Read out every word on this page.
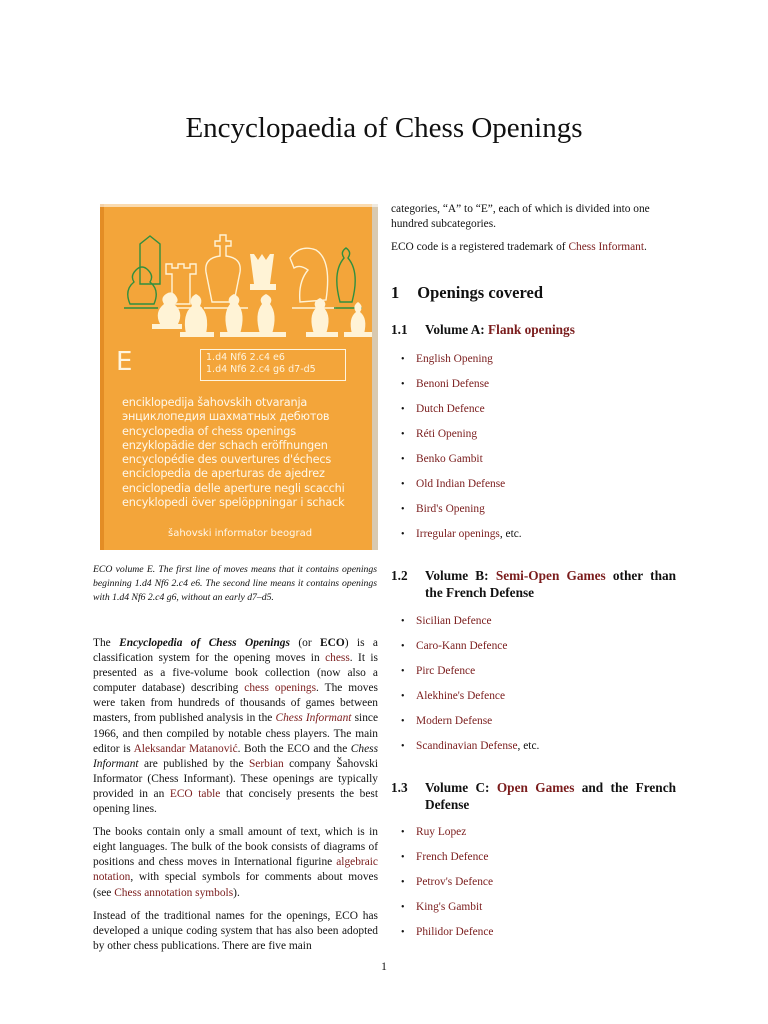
Encyclopaedia of Chess Openings
E	1.d4 Nf6 2.c4 e6
1.d4 Nf6 2.c4 g6 d7-d5
enciklopedija šahovskih otvaranja
энциклопедия шахматных дебютов
encyclopedia of chess openings
enzyklopädie der schach eröffnungen
encyclopédie des ouvertures d'échecs
enciclopedia de aperturas de ajedrez
enciclopedia delle aperture negli scacchi
encyklopedi över spelöppningar i schack
šahovski informator beograd

ECO volume E. The first line of moves means that it contains openings beginning 1.d4 Nf6 2.c4 e6. The second line means it contains openings with 1.d4 Nf6 2.c4 g6, without an early d7–d5.

The Encyclopedia of Chess Openings (or ECO) is a classification system for the opening moves in chess. It is presented as a five-volume book collection (now also a computer database) describing chess openings. The moves were taken from hundreds of thousands of games between masters, from published analysis in the Chess Informant since 1966, and then compiled by notable chess players. The main editor is Aleksandar Matanović. Both the ECO and the Chess Informant are published by the Serbian company Šahovski Informator (Chess Informant). These openings are typically provided in an ECO table that concisely presents the best opening lines.

The books contain only a small amount of text, which is in eight languages. The bulk of the book consists of diagrams of positions and chess moves in International figurine algebraic notation, with special symbols for comments about moves (see Chess annotation symbols).

Instead of the traditional names for the openings, ECO has developed a unique coding system that has also been adopted by other chess publications. There are five main

categories, “A” to “E”, each of which is divided into one hundred subcategories.

ECO code is a registered trademark of Chess Informant.

1 Openings covered
1.1 Volume A: Flank openings
• English Opening
• Benoni Defense
• Dutch Defence
• Réti Opening
• Benko Gambit
• Old Indian Defense
• Bird's Opening
• Irregular openings, etc.
1.2 Volume B: Semi-Open Games other than the French Defense
• Sicilian Defence
• Caro-Kann Defence
• Pirc Defence
• Alekhine's Defence
• Modern Defense
• Scandinavian Defense, etc.
1.3 Volume C: Open Games and the French Defense
• Ruy Lopez
• French Defence
• Petrov's Defence
• King's Gambit
• Philidor Defence
1
